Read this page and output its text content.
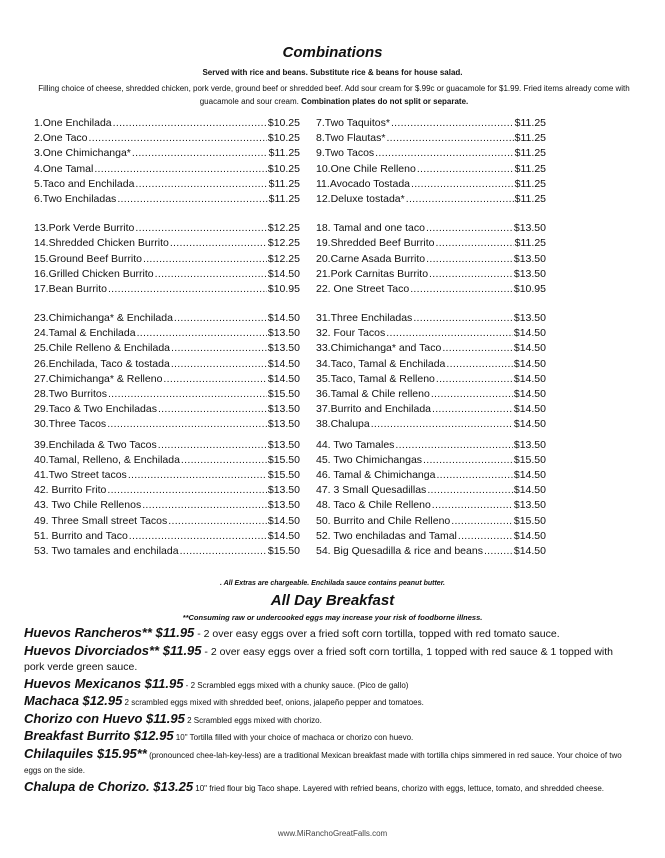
Combinations
Served with rice and beans. Substitute rice & beans for house salad.
Filling choice of cheese, shredded chicken, pork verde, ground beef or shredded beef. Add sour cream for $.99c or guacamole for $1.99. Fried items already come with guacamole and sour cream. Combination plates do not split or separate.
1.One Enchilada .....	$10.25
2.One Taco .....	$10.25
3.One Chimichanga* .....	$11.25
4.One Tamal .....	$10.25
5.Taco and Enchilada .....	$11.25
6.Two Enchiladas .....	$11.25
13.Pork Verde Burrito .....	$12.25
14.Shredded Chicken Burrito .....	$12.25
15.Ground Beef Burrito .....	$12.25
16.Grilled Chicken Burrito .....	$14.50
17.Bean Burrito .....	$10.95
23.Chimichanga* & Enchilada .....	$14.50
24.Tamal & Enchilada .....	$13.50
25.Chile Relleno & Enchilada .....	$13.50
26.Enchilada, Taco & tostada .....	$14.50
27.Chimichanga* & Relleno .....	$14.50
28.Two Burritos .....	$15.50
29.Taco & Two Enchiladas .....	$13.50
30.Three Tacos .....	$13.50
39.Enchilada & Two Tacos .....	$13.50
40.Tamal, Relleno, & Enchilada .....	$15.50
41.Two Street tacos .....	$15.50
42. Burrito Frito .....	$13.50
43. Two Chile Rellenos .....	$13.50
49. Three Small street Tacos .....	$14.50
51. Burrito and Taco .....	$14.50
53. Two tamales and enchilada .....	$15.50
7.Two Taquitos* .....	$11.25
8.Two Flautas* .....	$11.25
9.Two Tacos .....	$11.25
10.One Chile Relleno .....	$11.25
11.Avocado Tostada .....	$11.25
12.Deluxe tostada* .....	$11.25
18. Tamal and one taco .....	$13.50
19.Shredded Beef Burrito .....	$11.25
20.Carne Asada Burrito .....	$13.50
21.Pork Carnitas Burrito .....	$13.50
22. One Street Taco .....	$10.95
31.Three Enchiladas .....	$13.50
32. Four Tacos .....	$14.50
33.Chimichanga* and Taco .....	$14.50
34.Taco, Tamal & Enchilada .....	$14.50
35.Taco, Tamal & Relleno .....	$14.50
36.Tamal & Chile relleno .....	$14.50
37.Burrito and Enchilada .....	$14.50
38.Chalupa .....	$14.50
44. Two Tamales .....	$13.50
45. Two Chimichangas .....	$15.50
46. Tamal & Chimichanga .....	$14.50
47. 3 Small Quesadillas .....	$14.50
48. Taco & Chile Relleno .....	$13.50
50. Burrito and Chile Relleno .....	$15.50
52. Two enchiladas and Tamal .....	$14.50
54. Big Quesadilla & rice and beans .....	$14.50
. All Extras are chargeable. Enchilada sauce contains peanut butter.
All Day Breakfast
**Consuming raw or undercooked eggs may increase your risk of foodborne illness.
Huevos Rancheros** $11.95 - 2 over easy eggs over a fried soft corn tortilla, topped with red tomato sauce.
Huevos Divorciados** $11.95 - 2 over easy eggs over a fried soft corn tortilla, 1 topped with red sauce & 1 topped with pork verde green sauce.
Huevos Mexicanos $11.95 - 2 Scrambled eggs mixed with a chunky sauce. (Pico de gallo)
Machaca $12.95 2 scrambled eggs mixed with shredded beef, onions, jalapeño pepper and tomatoes.
Chorizo con Huevo $11.95 2 Scrambled eggs mixed with chorizo.
Breakfast Burrito $12.95 10" Tortilla filled with your choice of machaca or chorizo con huevo.
Chilaquiles $15.95** (pronounced chee-lah-key-less) are a traditional Mexican breakfast made with tortilla chips simmered in red sauce. Your choice of two eggs on the side.
Chalupa de Chorizo. $13.25 10" fried flour big Taco shape. Layered with refried beans, chorizo with eggs, lettuce, tomato, and shredded cheese.
www.MiRanchoGreatFalls.com
